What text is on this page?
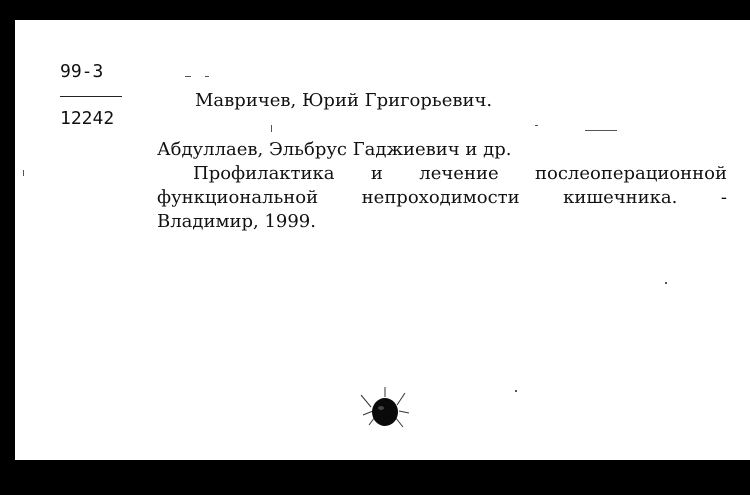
99-3
12242
Мавричев, Юрий Григорьевич.
Абдуллаев, Эльбрус Гаджиевич и др.
Профилактика и лечение послеоперационной
функциональной непроходимости кишечника. -
Владимир, 1999.
